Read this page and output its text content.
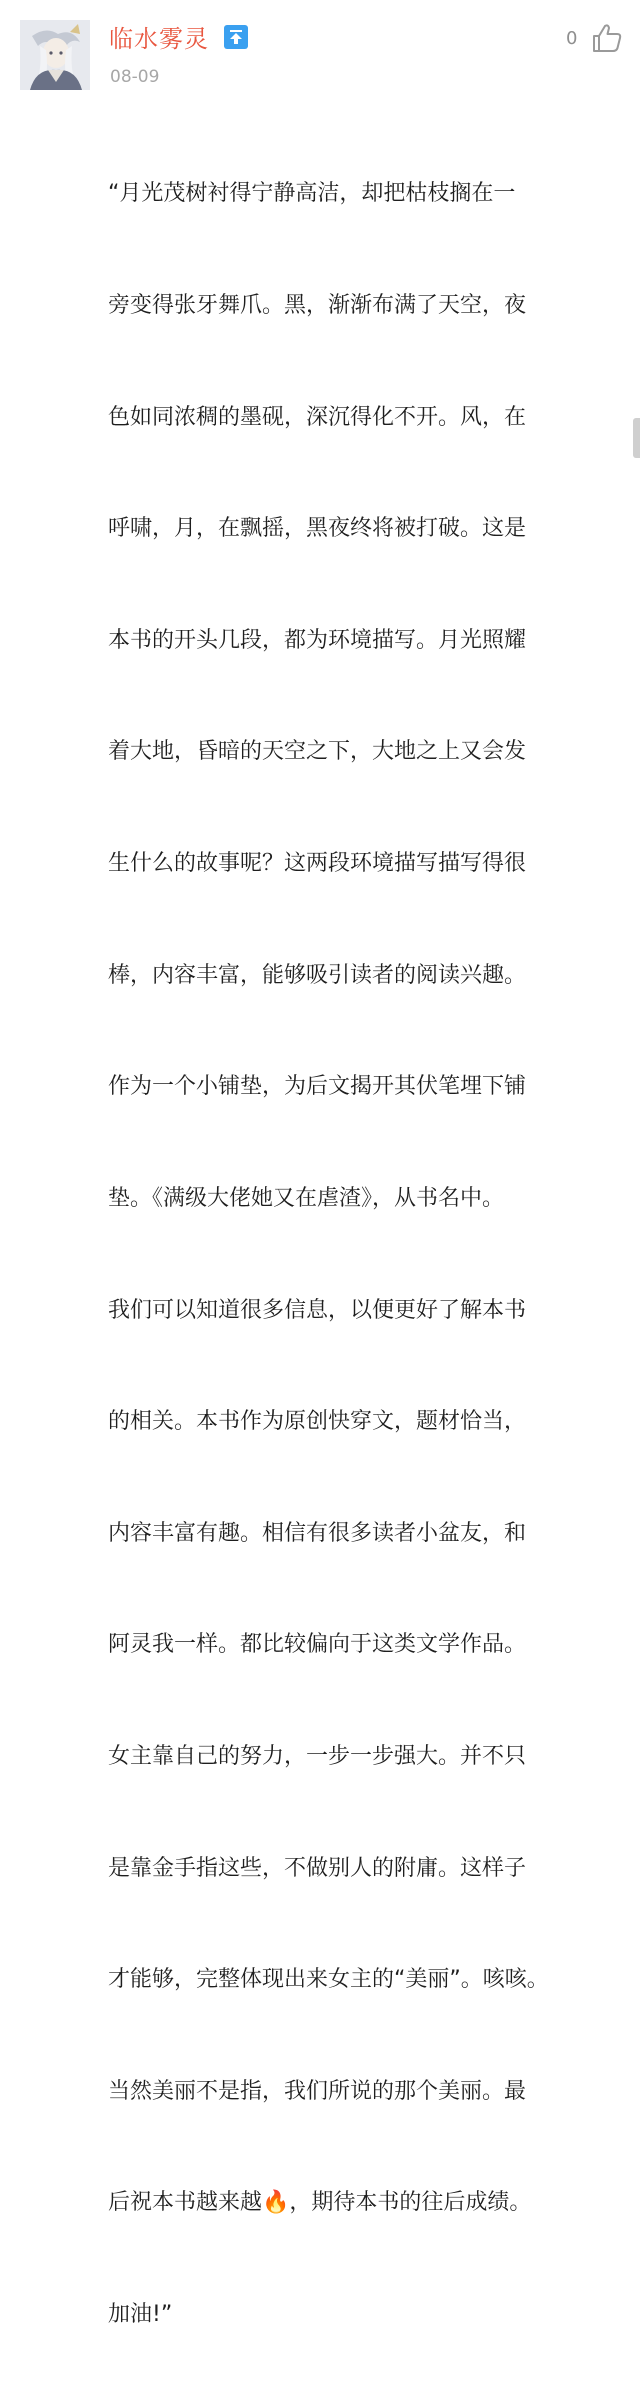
临水雾灵
08-09
0

“月光茂树衬得宁静高洁，却把枯枝搁在一

旁变得张牙舞爪。黑，渐渐布满了天空，夜

色如同浓稠的墨砚，深沉得化不开。风，在

呼啸，月，在飘摇，黑夜终将被打破。这是

本书的开头几段，都为环境描写。月光照耀

着大地，昏暗的天空之下，大地之上又会发

生什么的故事呢？这两段环境描写描写得很

棒，内容丰富，能够吸引读者的阅读兴趣。

作为一个小铺垫，为后文揭开其伏笔埋下铺

垫。《满级大佬她又在虐渣》，从书名中。

我们可以知道很多信息，以便更好了解本书

的相关。本书作为原创快穿文，题材恰当，

内容丰富有趣。相信有很多读者小盆友，和

阿灵我一样。都比较偏向于这类文学作品。

女主靠自己的努力，一步一步强大。并不只

是靠金手指这些，不做别人的附庸。这样子

才能够，完整体现出来女主的“美丽”。咳咳。

当然美丽不是指，我们所说的那个美丽。最

后祝本书越来越🔥，期待本书的往后成绩。

加油!”
